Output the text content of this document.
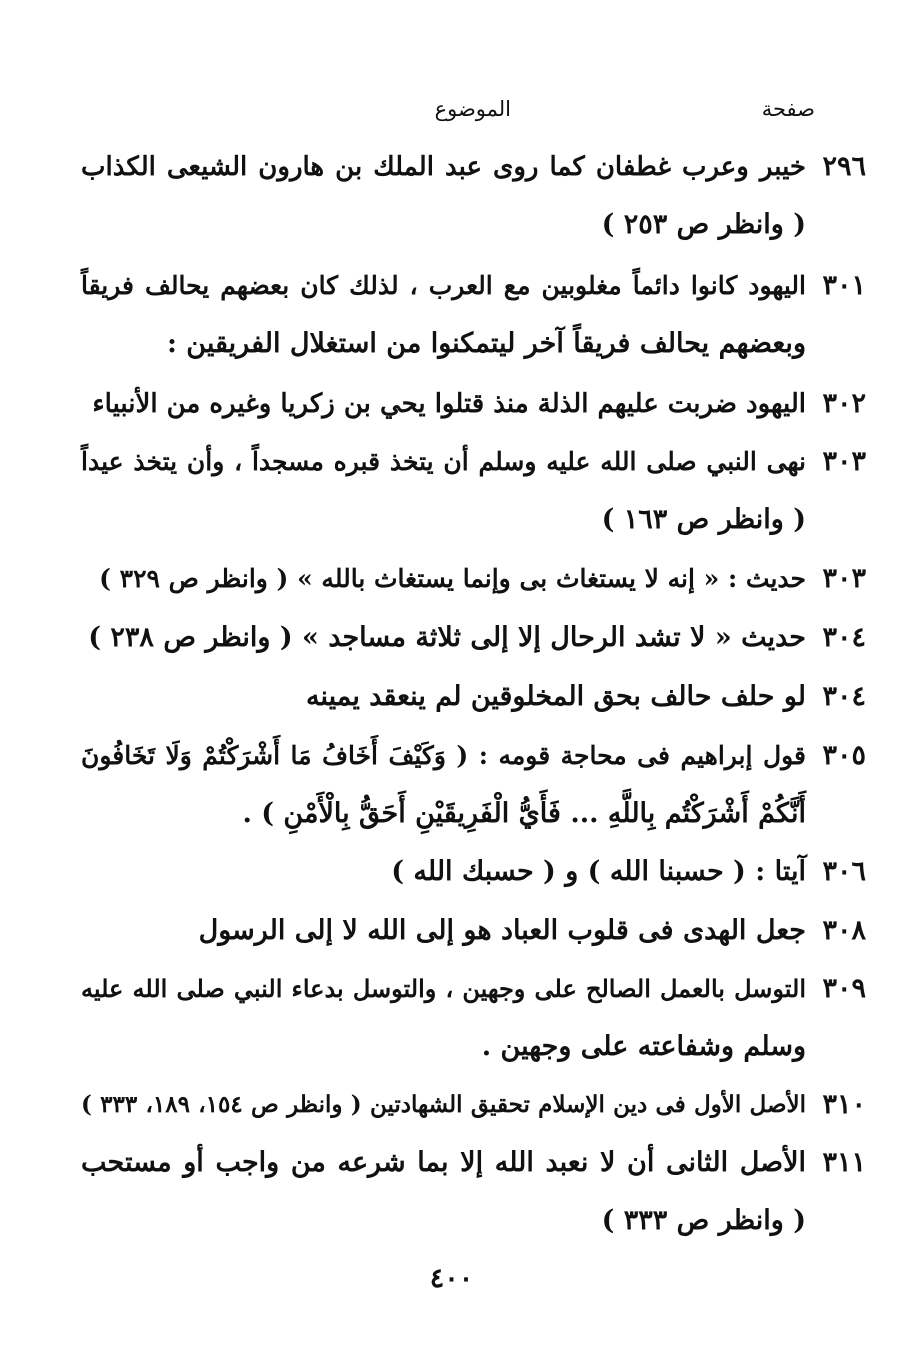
صفحة
الموضوع
٢٩٦
خيبر وعرب غطفان كما روى عبد الملك بن هارون الشيعى الكذاب
( وانظر ص ٢٥٣ )
٣٠١
اليهود كانوا دائماً مغلوبين مع العرب ، لذلك كان بعضهم يحالف فريقاً
وبعضهم يحالف فريقاً آخر ليتمكنوا من استغلال الفريقين :
٣٠٢
اليهود ضربت عليهم الذلة منذ قتلوا يحي بن زكريا وغيره من الأنبياء
٣٠٣
نهى النبي صلى الله عليه وسلم أن يتخذ قبره مسجداً ، وأن يتخذ عيداً
( وانظر ص ١٦٣ )
٣٠٣
حديث : « إنه لا يستغاث بى وإنما يستغاث بالله » ( وانظر ص ٣٢٩ )
٣٠٤
حديث « لا تشد الرحال إلا إلى ثلاثة مساجد » ( وانظر ص ٢٣٨ )
٣٠٤
لو حلف حالف بحق المخلوقين لم ينعقد يمينه
٣٠٥
قول إبراهيم فى محاجة قومه : ( وَكَيْفَ أَخَافُ مَا أَشْرَكْتُمْ وَلَا تَخَافُونَ
أَنَّكُمْ أَشْرَكْتُم بِاللَّهِ ... فَأَيُّ الْفَرِيقَيْنِ أَحَقُّ بِالْأَمْنِ ) .
٣٠٦
آيتا : ( حسبنا الله ) و ( حسبك الله )
٣٠٨
جعل الهدى فى قلوب العباد هو إلى الله لا إلى الرسول
٣٠٩
التوسل بالعمل الصالح على وجهين ، والتوسل بدعاء النبي صلى الله عليه
وسلم وشفاعته على وجهين .
٣١٠
الأصل الأول فى دين الإسلام تحقيق الشهادتين ( وانظر ص ١٥٤، ١٨٩، ٣٣٣ )
٣١١
الأصل الثانى أن لا نعبد الله إلا بما شرعه من واجب أو مستحب
( وانظر ص ٣٣٣ )
٤٠٠
